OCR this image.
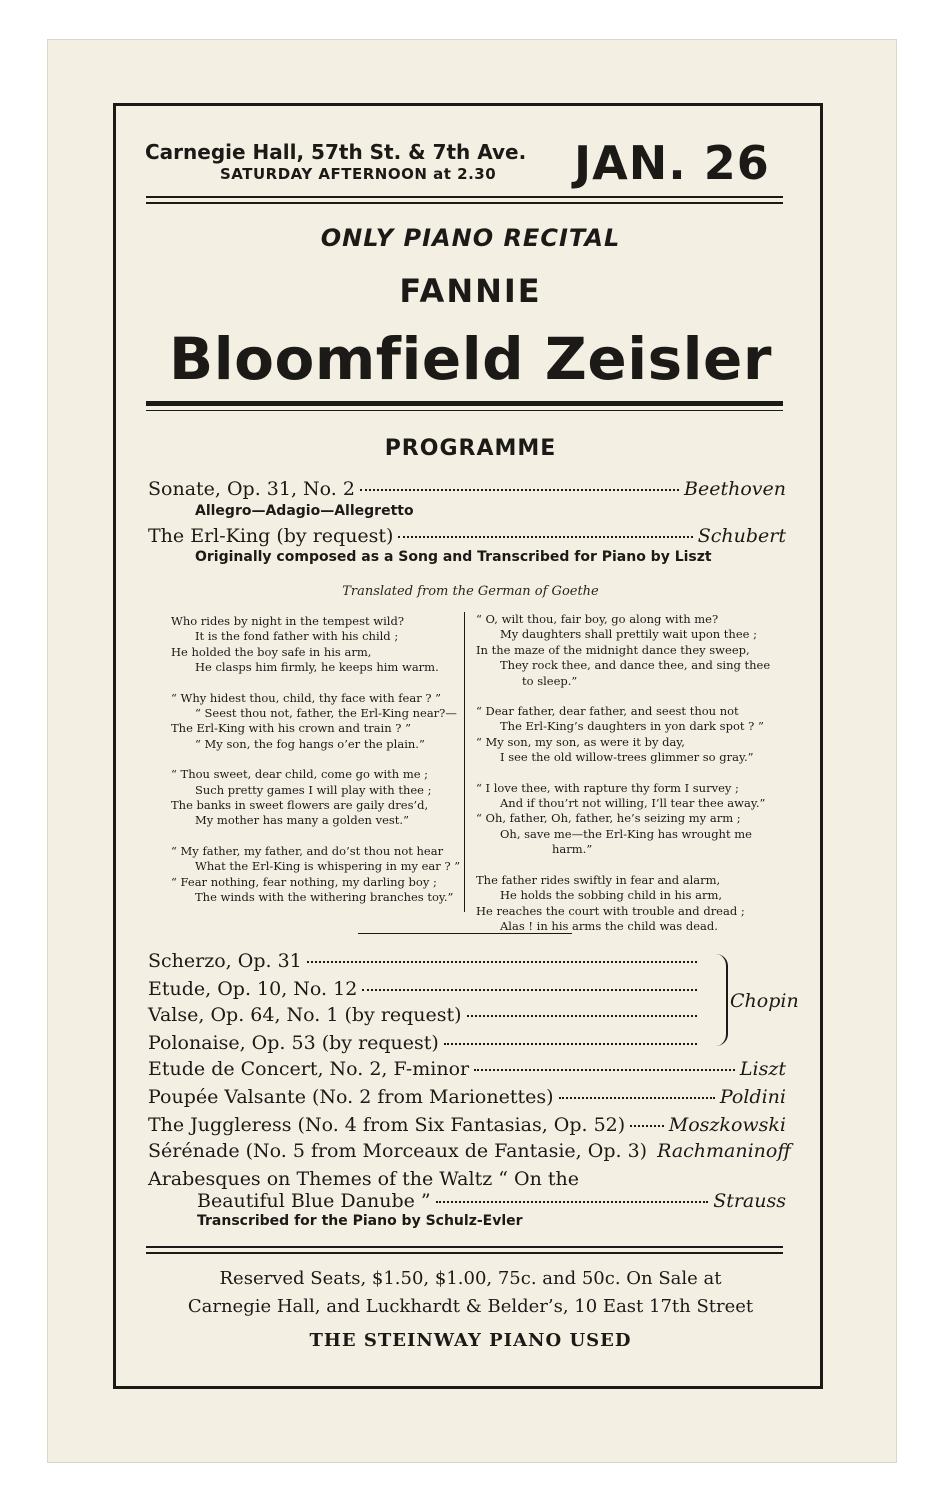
Carnegie Hall, 57th St. & 7th Ave.
SATURDAY AFTERNOON at 2.30 JAN. 26
ONLY PIANO RECITAL
FANNIE
Bloomfield Zeisler
PROGRAMME
Sonate, Op. 31, No. 2	Beethoven
Allegro—Adagio—Allegretto
The Erl-King (by request)	Schubert
Originally composed as a Song and Transcribed for Piano by Liszt
Translated from the German of Goethe
Who rides by night in the tempest wild?
It is the fond father with his child ;
He holded the boy safe in his arm,
He clasps him firmly, he keeps him warm.
“ Why hidest thou, child, thy face with fear ? ”
“ Seest thou not, father, the Erl-King near?—
The Erl-King with his crown and train ? ”
“ My son, the fog hangs o’er the plain.”
“ Thou sweet, dear child, come go with me ;
Such pretty games I will play with thee ;
The banks in sweet flowers are gaily dres’d,
My mother has many a golden vest.”
“ My father, my father, and do’st thou not hear
What the Erl-King is whispering in my ear ? ”
“ Fear nothing, fear nothing, my darling boy ;
The winds with the withering branches toy.”
“ O, wilt thou, fair boy, go along with me?
My daughters shall prettily wait upon thee ;
In the maze of the midnight dance they sweep,
They rock thee, and dance thee, and sing thee
to sleep.”
“ Dear father, dear father, and seest thou not
The Erl-King’s daughters in yon dark spot ? ”
“ My son, my son, as were it by day,
I see the old willow-trees glimmer so gray.”
“ I love thee, with rapture thy form I survey ;
And if thou’rt not willing, I’ll tear thee away.”
“ Oh, father, Oh, father, he’s seizing my arm ;
Oh, save me—the Erl-King has wrought me
harm.”
The father rides swiftly in fear and alarm,
He holds the sobbing child in his arm,
He reaches the court with trouble and dread ;
Alas ! in his arms the child was dead.
Scherzo, Op. 31
Etude, Op. 10, No. 12
Valse, Op. 64, No. 1 (by request)
Polonaise, Op. 53 (by request)
Chopin
Etude de Concert, No. 2, F-minor	Liszt
Poupée Valsante (No. 2 from Marionettes)	Poldini
The Juggleress (No. 4 from Six Fantasias, Op. 52) Moszkowski
Sérénade (No. 5 from Morceaux de Fantasie, Op. 3) Rachmaninoff
Arabesques on Themes of the Waltz “ On the
Beautiful Blue Danube ”	Strauss
Transcribed for the Piano by Schulz-Evler
Reserved Seats, $1.50, $1.00, 75c. and 50c. On Sale at
Carnegie Hall, and Luckhardt & Belder’s, 10 East 17th Street
THE STEINWAY PIANO USED
